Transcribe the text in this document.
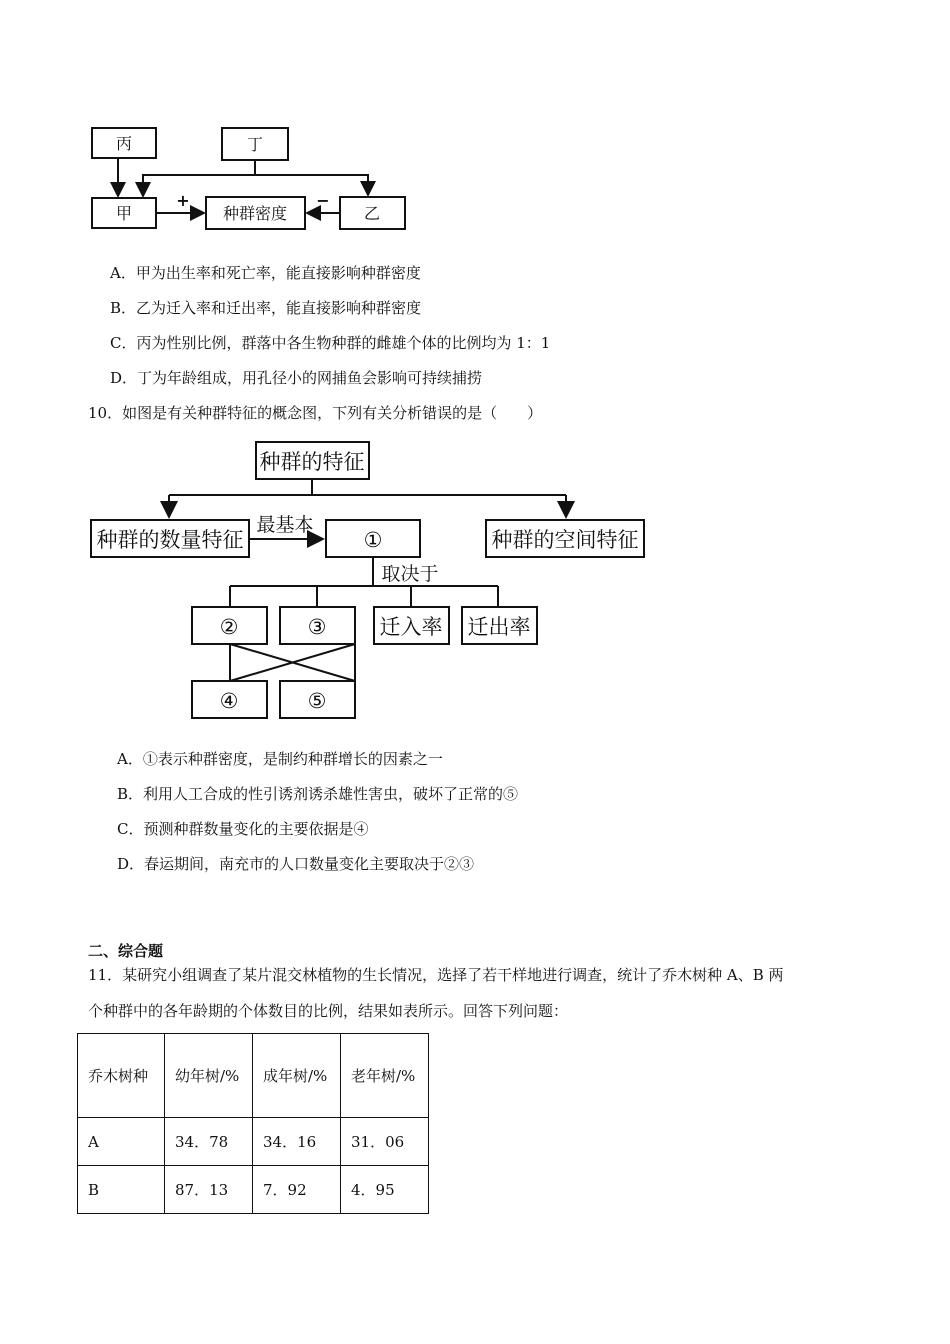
丙	丁
甲	种群密度	乙
+	−
A．甲为出生率和死亡率，能直接影响种群密度
B．乙为迁入率和迁出率，能直接影响种群密度
C．丙为性别比例，群落中各生物种群的雌雄个体的比例均为 1：1
D．丁为年龄组成，用孔径小的网捕鱼会影响可持续捕捞
10．如图是有关种群特征的概念图，下列有关分析错误的是（　　）
种群的特征
种群的数量特征
最基本
①	种群的空间特征
取决于
②	③	迁入率 迁出率
④	⑤
A．①表示种群密度，是制约种群增长的因素之一
B．利用人工合成的性引诱剂诱杀雄性害虫，破坏了正常的⑤
C．预测种群数量变化的主要依据是④
D．春运期间，南充市的人口数量变化主要取决于②③
二、综合题
11．某研究小组调查了某片混交林植物的生长情况，选择了若干样地进行调查，统计了乔木树种 A、B 两
个种群中的各年龄期的个体数目的比例，结果如表所示。回答下列问题：
乔木树种	幼年树/%	成年树/%	老年树/%
A	34．78	34．16	31．06
B	87．13	7．92	4．95
